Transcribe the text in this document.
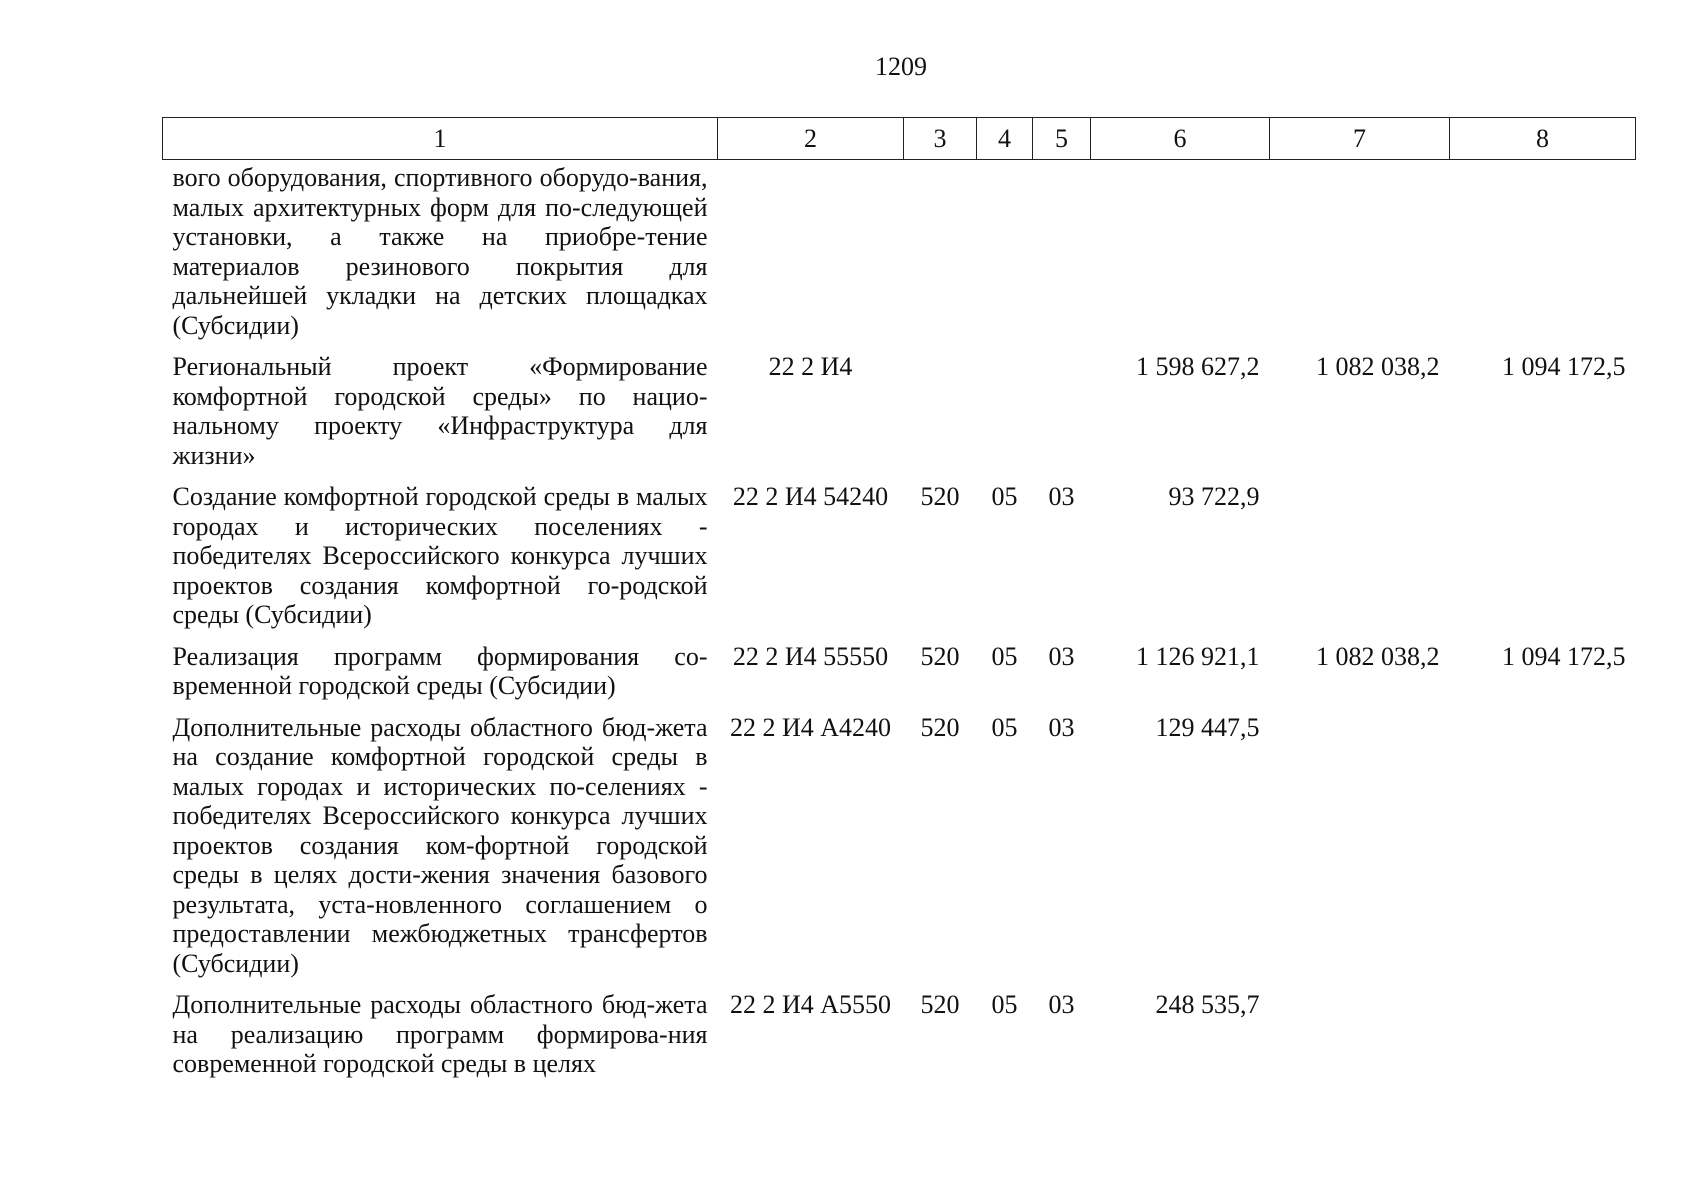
1209
1	2	3	4	5	6	7	8
вого оборудования, спортивного оборудо-вания, малых архитектурных форм для по-следующей установки, а также на приобре-тение материалов резинового покрытия для дальнейшей укладки на детских площадках (Субсидии)							
Региональный проект «Формирование комфортной городской среды» по нацио-нальному проекту «Инфраструктура для жизни»	22 2 И4				1 598 627,2	1 082 038,2	1 094 172,5
Создание комфортной городской среды в малых городах и исторических поселениях - победителях Всероссийского конкурса лучших проектов создания комфортной го-родской среды (Субсидии)	22 2 И4 54240	520	05	03	93 722,9		
Реализация программ формирования со-временной городской среды (Субсидии)	22 2 И4 55550	520	05	03	1 126 921,1	1 082 038,2	1 094 172,5
Дополнительные расходы областного бюд-жета на создание комфортной городской среды в малых городах и исторических по-селениях - победителях Всероссийского конкурса лучших проектов создания ком-фортной городской среды в целях дости-жения значения базового результата, уста-новленного соглашением о предоставлении межбюджетных трансфертов (Субсидии)	22 2 И4 А4240	520	05	03	129 447,5		
Дополнительные расходы областного бюд-жета на реализацию программ формирова-ния современной городской среды в целях	22 2 И4 А5550	520	05	03	248 535,7		
